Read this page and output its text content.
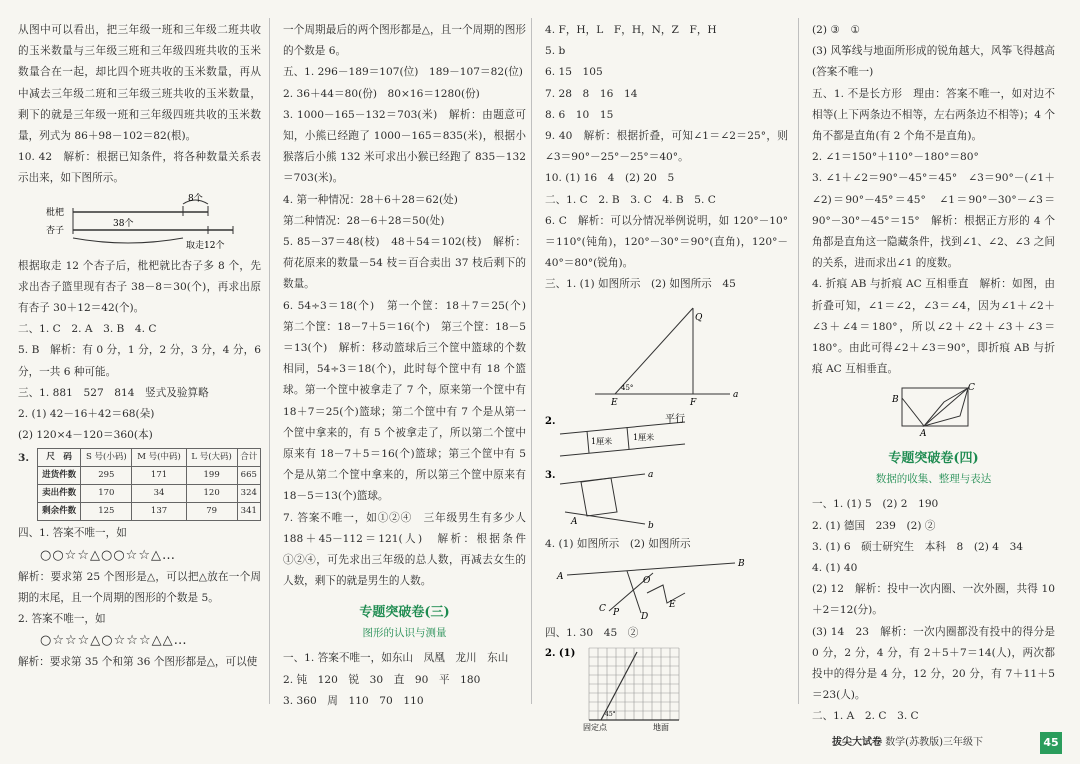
从图中可以看出，把三年级一班和三年级二班共收的玉米数量与三年级三班和三年级四班共收的玉米数量合在一起，却比四个班共收的玉米数量，再从中减去三年级二班和三年级三班共收的玉米数量，剩下的就是三年级一班和三年级四班共收的玉米数量，列式为 86＋98－102＝82(根)。

10. 42　解析：根据已知条件，将各种数量关系表示出来，如下图所示。

8个
枇杷
杏子
38个
取走12个

根据取走 12 个杏子后，枇杷就比杏子多 8 个，先求出杏子篮里现有杏子 38－8＝30(个)，再求出原有杏子 30＋12＝42(个)。

二、1. C　2. A　3. B　4. C

5. B　解析：有 0 分，1 分，2 分，3 分，4 分，6 分，一共 6 种可能。

三、1. 881　527　814　竖式及验算略

2. (1) 42－16＋42＝68(朵)

(2) 120×4－120＝360(本)

3. 尺　码	S 号(小码)	M 号(中码)	L 号(大码)	合计
进货件数	295	171	199	665
卖出件数	170	34	120	324
剩余件数	125	137	79	341

四、1. 答案不唯一，如

○○☆☆△○○☆☆△…

解析：要求第 25 个图形是△，可以把△放在一个周期的末尾，且一个周期的图形的个数是 5。

2. 答案不唯一，如

○☆☆☆△○☆☆☆△△…

解析：要求第 35 个和第 36 个图形都是△，可以使

一个周期最后的两个图形都是△，且一个周期的图形的个数是 6。

五、1. 296－189＝107(位)　189－107＝82(位)

2. 36＋44＝80(份)　80×16＝1280(份)

3. 1000－165－132＝703(米)　解析：由题意可知，小熊已经跑了 1000－165＝835(米)，根据小猴落后小熊 132 米可求出小猴已经跑了 835－132＝703(米)。

4. 第一种情况：28＋6＋28＝62(处)

第二种情况：28－6＋28＝50(处)

5. 85－37＝48(枝)　48＋54＝102(枝)　解析：荷花原来的数量－54 枝＝百合卖出 37 枝后剩下的数量。

6. 54÷3＝18(个)　第一个筐：18＋7＝25(个)　第二个筐：18－7＋5＝16(个)　第三个筐：18－5＝13(个)　解析：移动篮球后三个筐中篮球的个数相同，54÷3＝18(个)，此时每个筐中有 18 个篮球。第一个筐中被拿走了 7 个，原来第一个筐中有 18＋7＝25(个)篮球；第二个筐中有 7 个是从第一个筐中拿来的，有 5 个被拿走了，所以第二个筐中原来有 18－7＋5＝16(个)篮球；第三个筐中有 5 个是从第二个筐中拿来的，所以第三个筐中原来有 18－5＝13(个)篮球。

7. 答案不唯一，如①②④　三年级男生有多少人　188＋45－112＝121(人)　解析：根据条件①②④，可先求出三年级的总人数，再减去女生的人数，剩下的就是男生的人数。

专题突破卷(三)
图形的认识与测量

一、1. 答案不唯一，如东山　凤凰　龙川　东山

2. 钝　120　锐　30　直　90　平　180

3. 360　周　110　70　110

4. F，H，L　F，H，N，Z　F，H

5. b

6. 15　105

7. 28　8　16　14

8. 6　10　15

9. 40　解析：根据折叠，可知∠1＝∠2＝25°，则∠3＝90°－25°－25°＝40°。

10. (1) 16　4　(2) 20　5

二、1. C　2. B　3. C　4. B　5. C

6. C　解析：可以分情况举例说明，如 120°－10°＝110°(钝角)，120°－30°＝90°(直角)，120°－40°＝80°(锐角)。

三、1. (1) 如图所示　(2) 如图所示　45

Q
E	F
a
45°
2.
1厘米	1厘米
平行
3.	a
b
A

4. (1) 如图所示　(2) 如图所示

A
B
O
C P D
E

四、1. 30　45　②

2. (1)
45°
固定点	地面

(2) ③　①

(3) 风筝线与地面所形成的锐角越大，风筝飞得越高(答案不唯一)

五、1. 不是长方形　理由：答案不唯一，如对边不相等(上下两条边不相等，左右两条边不相等)；4 个角不都是直角(有 2 个角不是直角)。

2. ∠1＝150°＋110°－180°＝80°

3. ∠1＋∠2＝90°－45°＝45°　∠3＝90°－(∠1＋∠2)＝90°－45°＝45°　∠1＝90°－30°－∠3＝90°－30°－45°＝15°　解析：根据正方形的 4 个角都是直角这一隐藏条件，找到∠1、∠2、∠3 之间的关系，进而求出∠1 的度数。

4. 折痕 AB 与折痕 AC 互相垂直　解析：如图，由折叠可知，∠1＝∠2，∠3＝∠4，因为∠1＋∠2＋∠3＋∠4＝180°，所以∠2＋∠2＋∠3＋∠3＝180°。由此可得∠2＋∠3＝90°，即折痕 AB 与折痕 AC 互相垂直。

B
C
A
专题突破卷(四)
数据的收集、整理与表达

一、1. (1) 5　(2) 2　190

2. (1) 德国　239　(2) ②

3. (1) 6　硕士研究生　本科　8　(2) 4　34

4. (1) 40

(2) 12　解析：投中一次内圈、一次外圈，共得 10＋2＝12(分)。

(3) 14　23　解析：一次内圈都没有投中的得分是 0 分，2 分，4 分，有 2＋5＋7＝14(人)，两次都投中的得分是 4 分，12 分，20 分，有 7＋11＋5＝23(人)。

二、1. A　2. C　3. C

拔尖大试卷 数学(苏教版)三年级下	45
